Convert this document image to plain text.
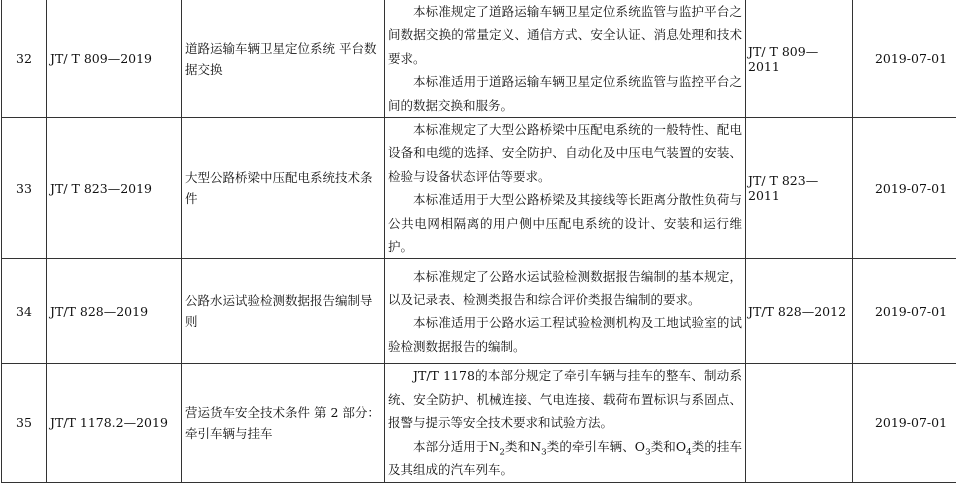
32	JT/ T 809—2019	道路运输车辆卫星定位系统 平台数据交换	本标准规定了道路运输车辆卫星定位系统监管与监护平台之间数据交换的常量定义、通信方式、安全认证、消息处理和技术要求。

本标准适用于道路运输车辆卫星定位系统监管与监控平台之间的数据交换和服务。	JT/ T 809—2011	2019-07-01
33	JT/ T 823—2019	大型公路桥梁中压配电系统技术条件	本标准规定了大型公路桥梁中压配电系统的一般特性、配电设备和电缆的选择、安全防护、自动化及中压电气装置的安装、检验与设备状态评估等要求。

本标准适用于大型公路桥梁及其接线等长距离分散性负荷与公共电网相隔离的用户侧中压配电系统的设计、安装和运行维护。	JT/ T 823—2011	2019-07-01
34	JT/T 828—2019	公路水运试验检测数据报告编制导则	本标准规定了公路水运试验检测数据报告编制的基本规定，以及记录表、检测类报告和综合评价类报告编制的要求。

本标准适用于公路水运工程试验检测机构及工地试验室的试验检测数据报告的编制。	JT/T 828—2012	2019-07-01
35	JT/T 1178.2—2019	营运货车安全技术条件 第 2 部分：牵引车辆与挂车	JT/T 1178的本部分规定了牵引车辆与挂车的整车、制动系统、安全防护、机械连接、气电连接、载荷布置标识与系固点、报警与提示等安全技术要求和试验方法。

本部分适用于$N_2$类和$N_3$类的牵引车辆、$O_3$类和$O_4$类的挂车及其组成的汽车列车。		2019-07-01
